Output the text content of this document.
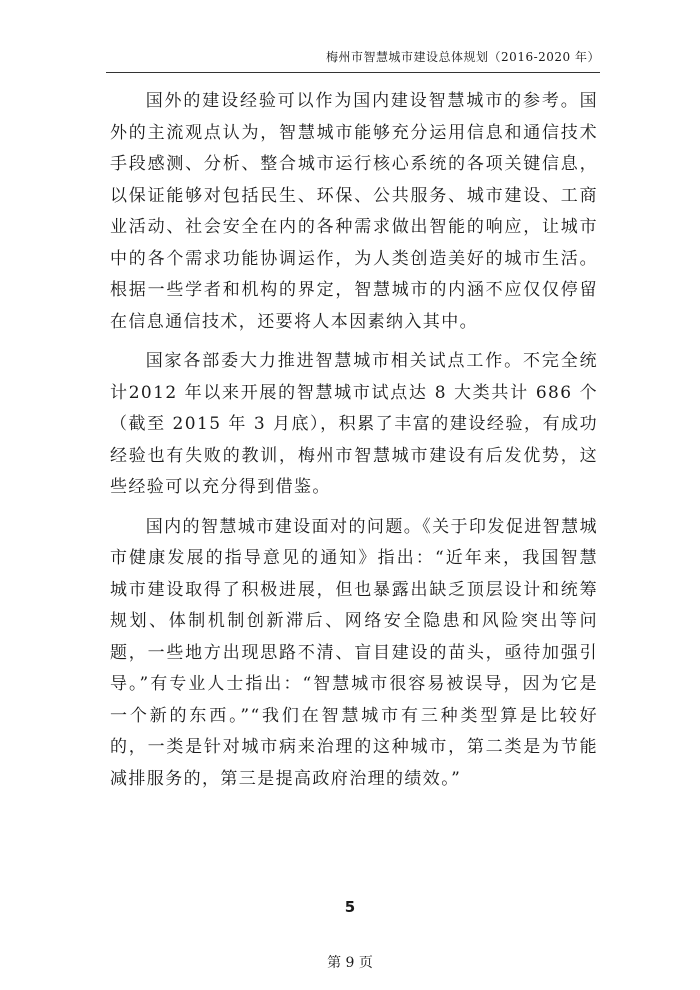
梅州市智慧城市建设总体规划（2016-2020 年）

国外的建设经验可以作为国内建设智慧城市的参考。国外的主流观点认为，智慧城市能够充分运用信息和通信技术手段感测、分析、整合城市运行核心系统的各项关键信息，以保证能够对包括民生、环保、公共服务、城市建设、工商业活动、社会安全在内的各种需求做出智能的响应，让城市中的各个需求功能协调运作，为人类创造美好的城市生活。根据一些学者和机构的界定，智慧城市的内涵不应仅仅停留在信息通信技术，还要将人本因素纳入其中。

国家各部委大力推进智慧城市相关试点工作。不完全统计2012 年以来开展的智慧城市试点达 8 大类共计 686 个（截至 2015 年 3 月底），积累了丰富的建设经验，有成功经验也有失败的教训，梅州市智慧城市建设有后发优势，这些经验可以充分得到借鉴。

国内的智慧城市建设面对的问题。《关于印发促进智慧城市健康发展的指导意见的通知》指出：“近年来，我国智慧城市建设取得了积极进展，但也暴露出缺乏顶层设计和统筹规划、体制机制创新滞后、网络安全隐患和风险突出等问题，一些地方出现思路不清、盲目建设的苗头，亟待加强引导。”有专业人士指出：“智慧城市很容易被误导，因为它是一个新的东西。”“我们在智慧城市有三种类型算是比较好的，一类是针对城市病来治理的这种城市，第二类是为节能减排服务的，第三是提高政府治理的绩效。”

5
第 9 页
